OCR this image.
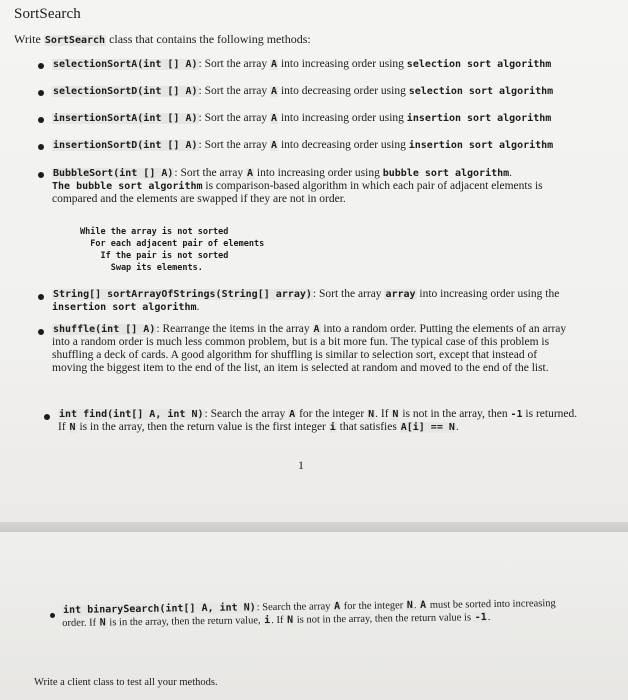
SortSearch
Write SortSearch class that contains the following methods:
selectionSortA(int [] A): Sort the array A into increasing order using selection sort algorithm
selectionSortD(int [] A): Sort the array A into decreasing order using selection sort algorithm
insertionSortA(int [] A): Sort the array A into increasing order using insertion sort algorithm
insertionSortD(int [] A): Sort the array A into decreasing order using insertion sort algorithm
BubbleSort(int [] A): Sort the array A into increasing order using bubble sort algorithm.
The bubble sort algorithm is comparison-based algorithm in which each pair of adjacent elements is compared and the elements are swapped if they are not in order.
While the array is not sorted
For each adjacent pair of elements
If the pair is not sorted
Swap its elements.
String[] sortArrayOfStrings(String[] array): Sort the array array into increasing order using the insertion sort algorithm.
shuffle(int [] A): Rearrange the items in the array A into a random order. Putting the elements of an array into a random order is much less common problem, but is a bit more fun. The typical case of this problem is shuffling a deck of cards. A good algorithm for shuffling is similar to selection sort, except that instead of moving the biggest item to the end of the list, an item is selected at random and moved to the end of the list.
int find(int[] A, int N): Search the array A for the integer N. If N is not in the array, then -1 is returned. If N is in the array, then the return value is the first integer i that satisfies A[i] == N.
1
int binarySearch(int[] A, int N): Search the array A for the integer N. A must be sorted into increasing order. If N is in the array, then the return value, i. If N is not in the array, then the return value is -1.
Write a client class to test all your methods.
